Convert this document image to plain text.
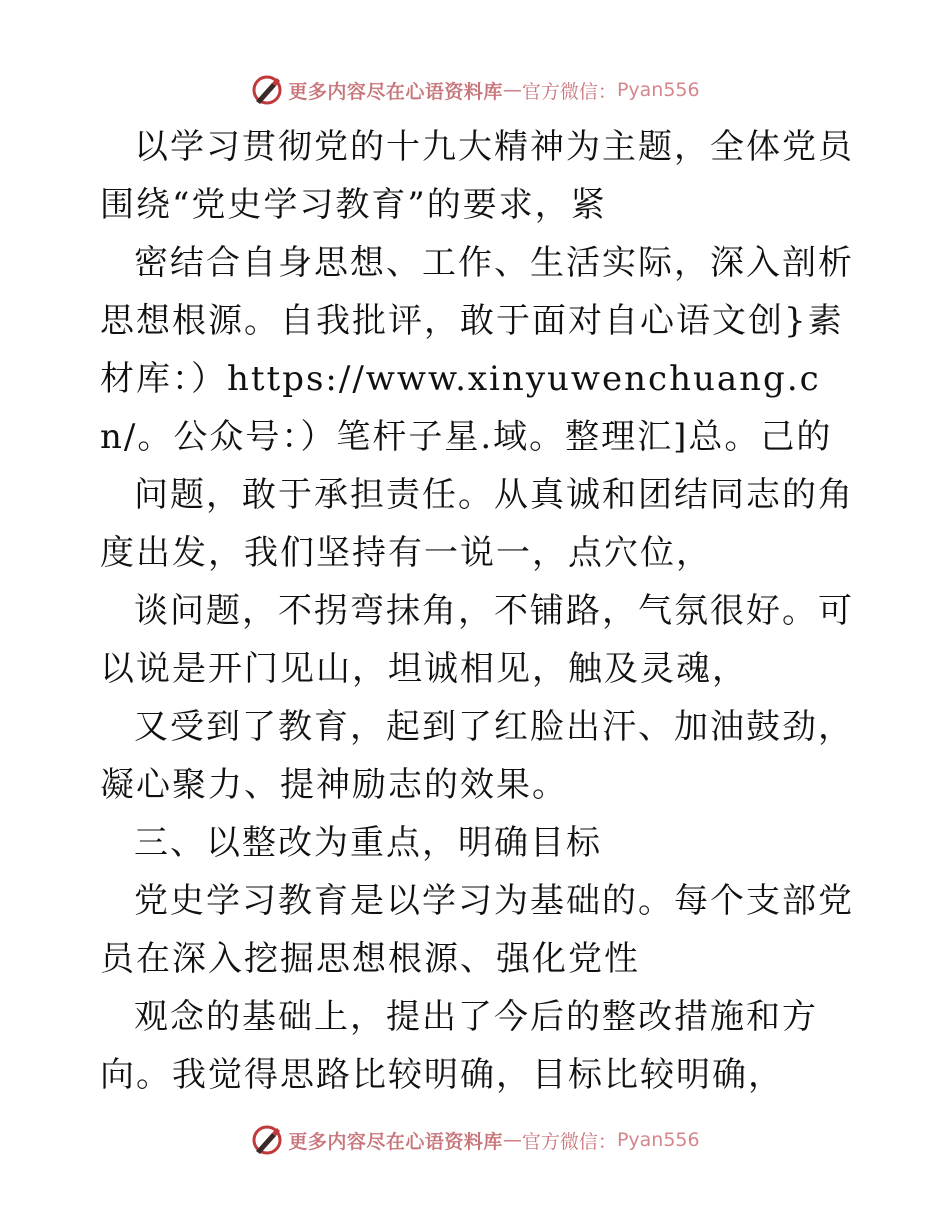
更多内容尽在心语资料库 — 官方微信： Pyan556

以学习贯彻党的十九大精神为主题，全体党员围绕“党史学习教育”的要求，紧

密结合自身思想、工作、生活实际，深入剖析思想根源。自我批评，敢于面对自心语文创}素材库：）https://www.xinyuwenchuang.cn/。公众号：）笔杆子星.域。整理汇]总。己的

问题，敢于承担责任。从真诚和团结同志的角度出发，我们坚持有一说一，点穴位，

谈问题，不拐弯抹角，不铺路，气氛很好。可以说是开门见山，坦诚相见，触及灵魂，

又受到了教育，起到了红脸出汗、加油鼓劲，凝心聚力、提神励志的效果。

三、以整改为重点，明确目标

党史学习教育是以学习为基础的。每个支部党员在深入挖掘思想根源、强化党性

观念的基础上，提出了今后的整改措施和方向。我觉得思路比较明确，目标比较明确，

更多内容尽在心语资料库 — 官方微信： Pyan556
